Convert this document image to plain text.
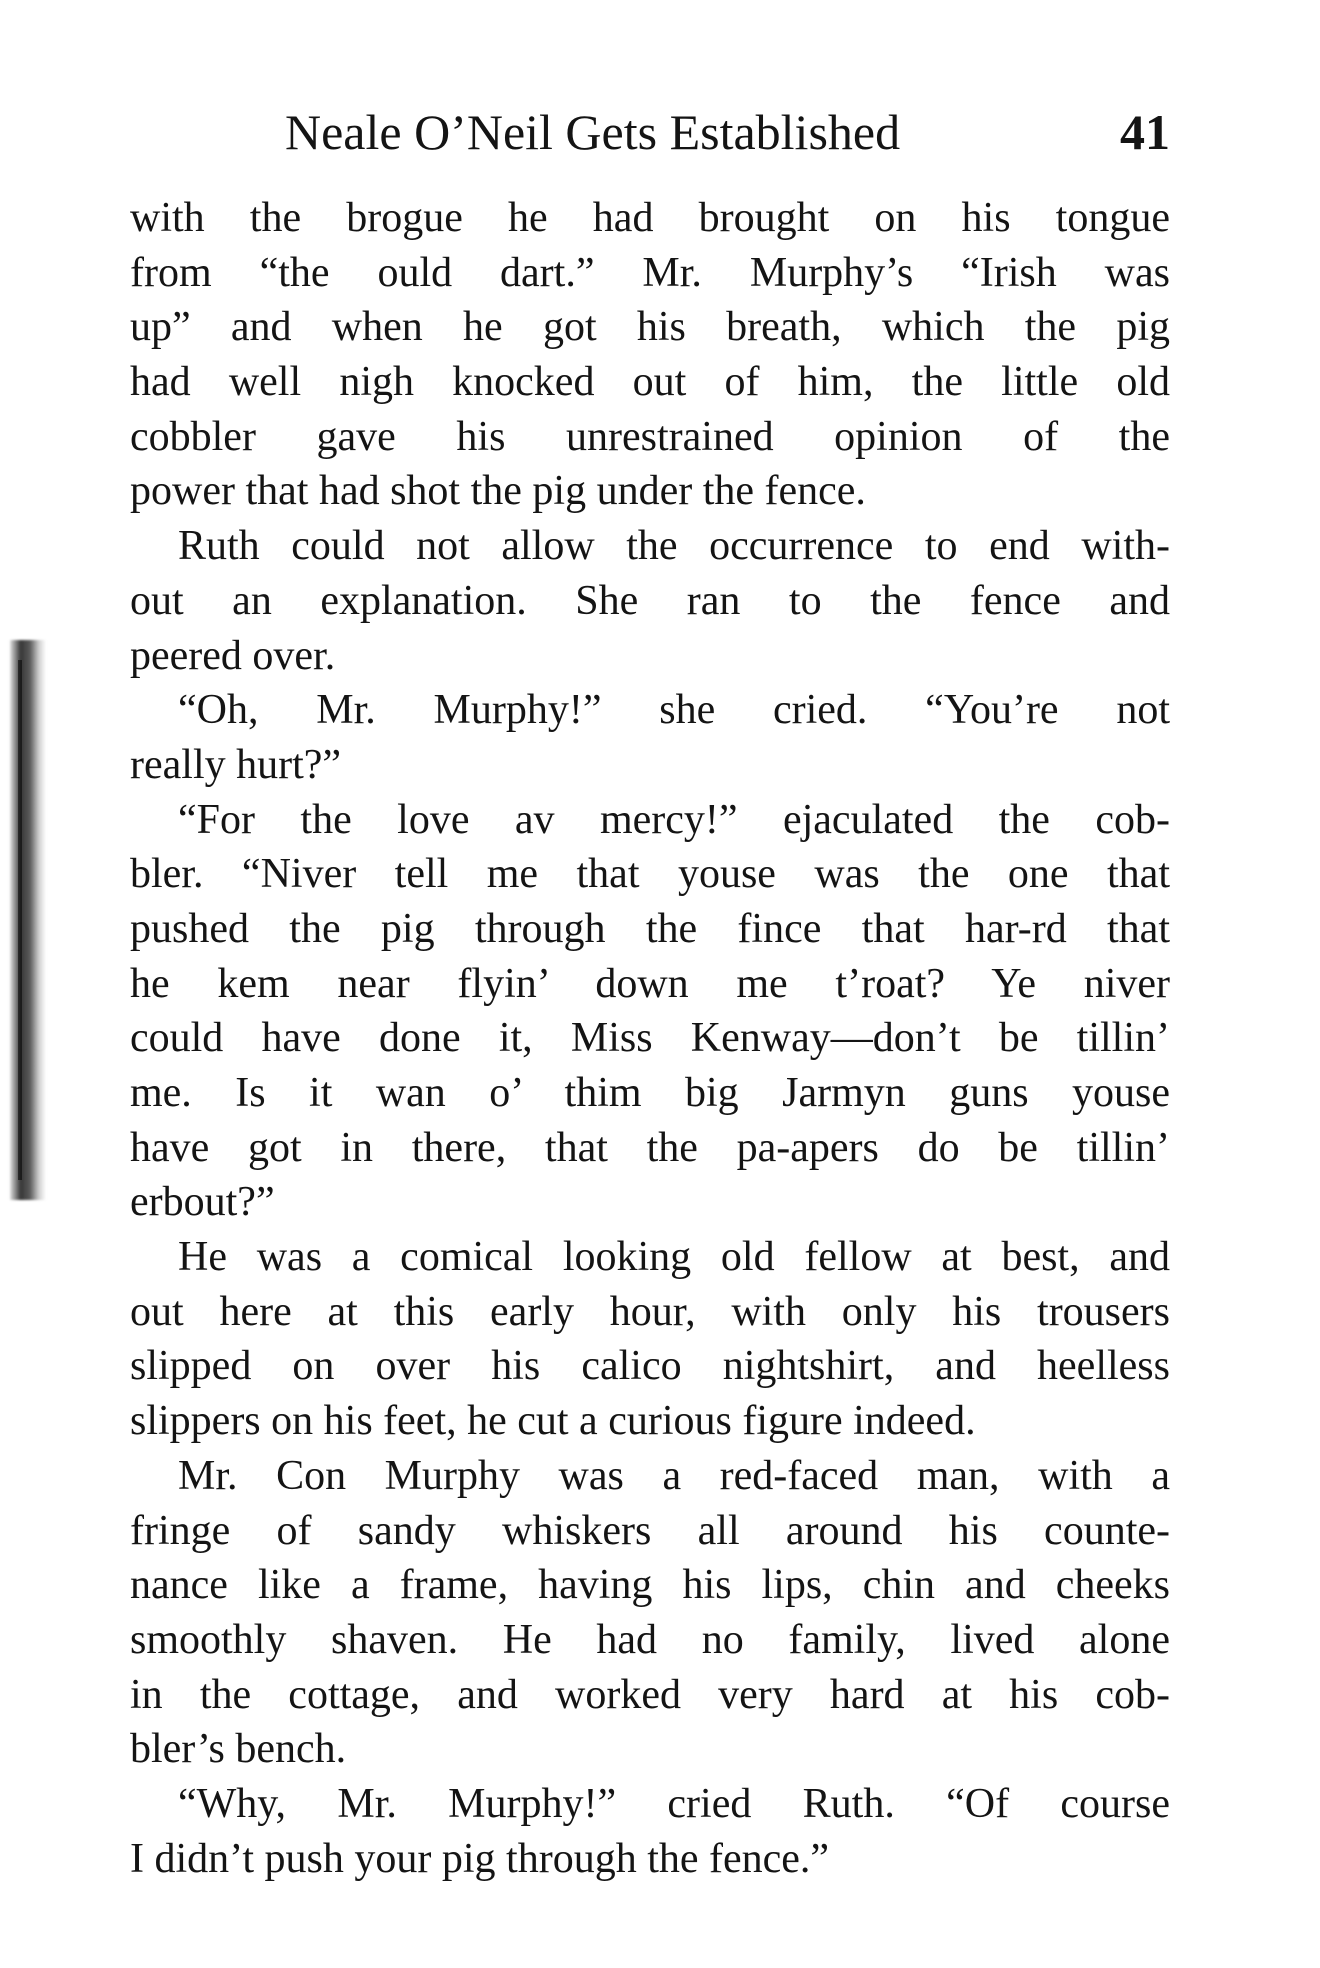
Neale O’Neil Gets Established	41
with the brogue he had brought on his tongue
from “the ould dart.” Mr. Murphy’s “Irish was
up” and when he got his breath, which the pig
had well nigh knocked out of him, the little old
cobbler gave his unrestrained opinion of the
power that had shot the pig under the fence.
Ruth could not allow the occurrence to end with-
out an explanation. She ran to the fence and
peered over.
“Oh, Mr. Murphy!” she cried. “You’re not
really hurt?”
“For the love av mercy!” ejaculated the cob-
bler. “Niver tell me that youse was the one that
pushed the pig through the fince that har-rd that
he kem near flyin’ down me t’roat? Ye niver
could have done it, Miss Kenway—don’t be tillin’
me. Is it wan o’ thim big Jarmyn guns youse
have got in there, that the pa-apers do be tillin’
erbout?”
He was a comical looking old fellow at best, and
out here at this early hour, with only his trousers
slipped on over his calico nightshirt, and heelless
slippers on his feet, he cut a curious figure indeed.
Mr. Con Murphy was a red-faced man, with a
fringe of sandy whiskers all around his counte-
nance like a frame, having his lips, chin and cheeks
smoothly shaven. He had no family, lived alone
in the cottage, and worked very hard at his cob-
bler’s bench.
“Why, Mr. Murphy!” cried Ruth. “Of course
I didn’t push your pig through the fence.”
